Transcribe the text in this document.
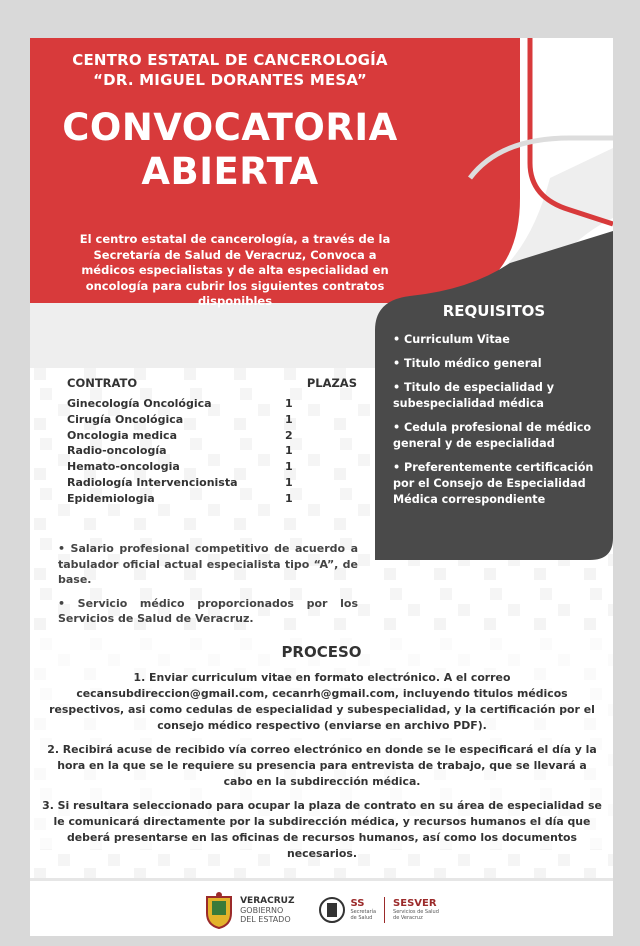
CENTRO ESTATAL DE CANCEROLOGÍA
“DR. MIGUEL DORANTES MESA”
CONVOCATORIA
ABIERTA
El centro estatal de cancerología, a través de la Secretaría de Salud de Veracruz, Convoca a médicos especialistas y de alta especialidad en oncología para cubrir los siguientes contratos disponibles
REQUISITOS
• Curriculum Vitae
• Titulo médico general
• Titulo de especialidad y subespecialidad médica
• Cedula profesional de médico general y de especialidad
• Preferentemente certificación por el Consejo de Especialidad Médica correspondiente
CONTRATO	PLAZAS
Ginecología Oncológica	1
Cirugía Oncológica	1
Oncologia medica	2
Radio-oncología	1
Hemato-oncologia	1
Radiología Intervencionista	1
Epidemiologia	1
• Salario profesional competitivo de acuerdo a tabulador oficial actual especialista tipo “A”, de base.
• Servicio médico proporcionados por los Servicios de Salud de Veracruz.
PROCESO
1. Enviar curriculum vitae en formato electrónico. A el correo cecansubdireccion@gmail.com, cecanrh@gmail.com, incluyendo titulos médicos respectivos, asi como cedulas de especialidad y subespecialidad, y la certificación por el consejo médico respectivo (enviarse en archivo PDF).
2. Recibirá acuse de recibido vía correo electrónico en donde se le especificará el día y la hora en la que se le requiere su presencia para entrevista de trabajo, que se llevará a cabo en la subdirección médica.
3. Si resultara seleccionado para ocupar la plaza de contrato en su área de especialidad se le comunicará directamente por la subdirección médica, y recursos humanos el día que deberá presentarse en las oficinas de recursos humanos, así como los documentos necesarios.
VERACRUZ
GOBIERNO
DEL ESTADO
SS
Secretaría
de Salud
SESVER
Servicios de Salud
de Veracruz
